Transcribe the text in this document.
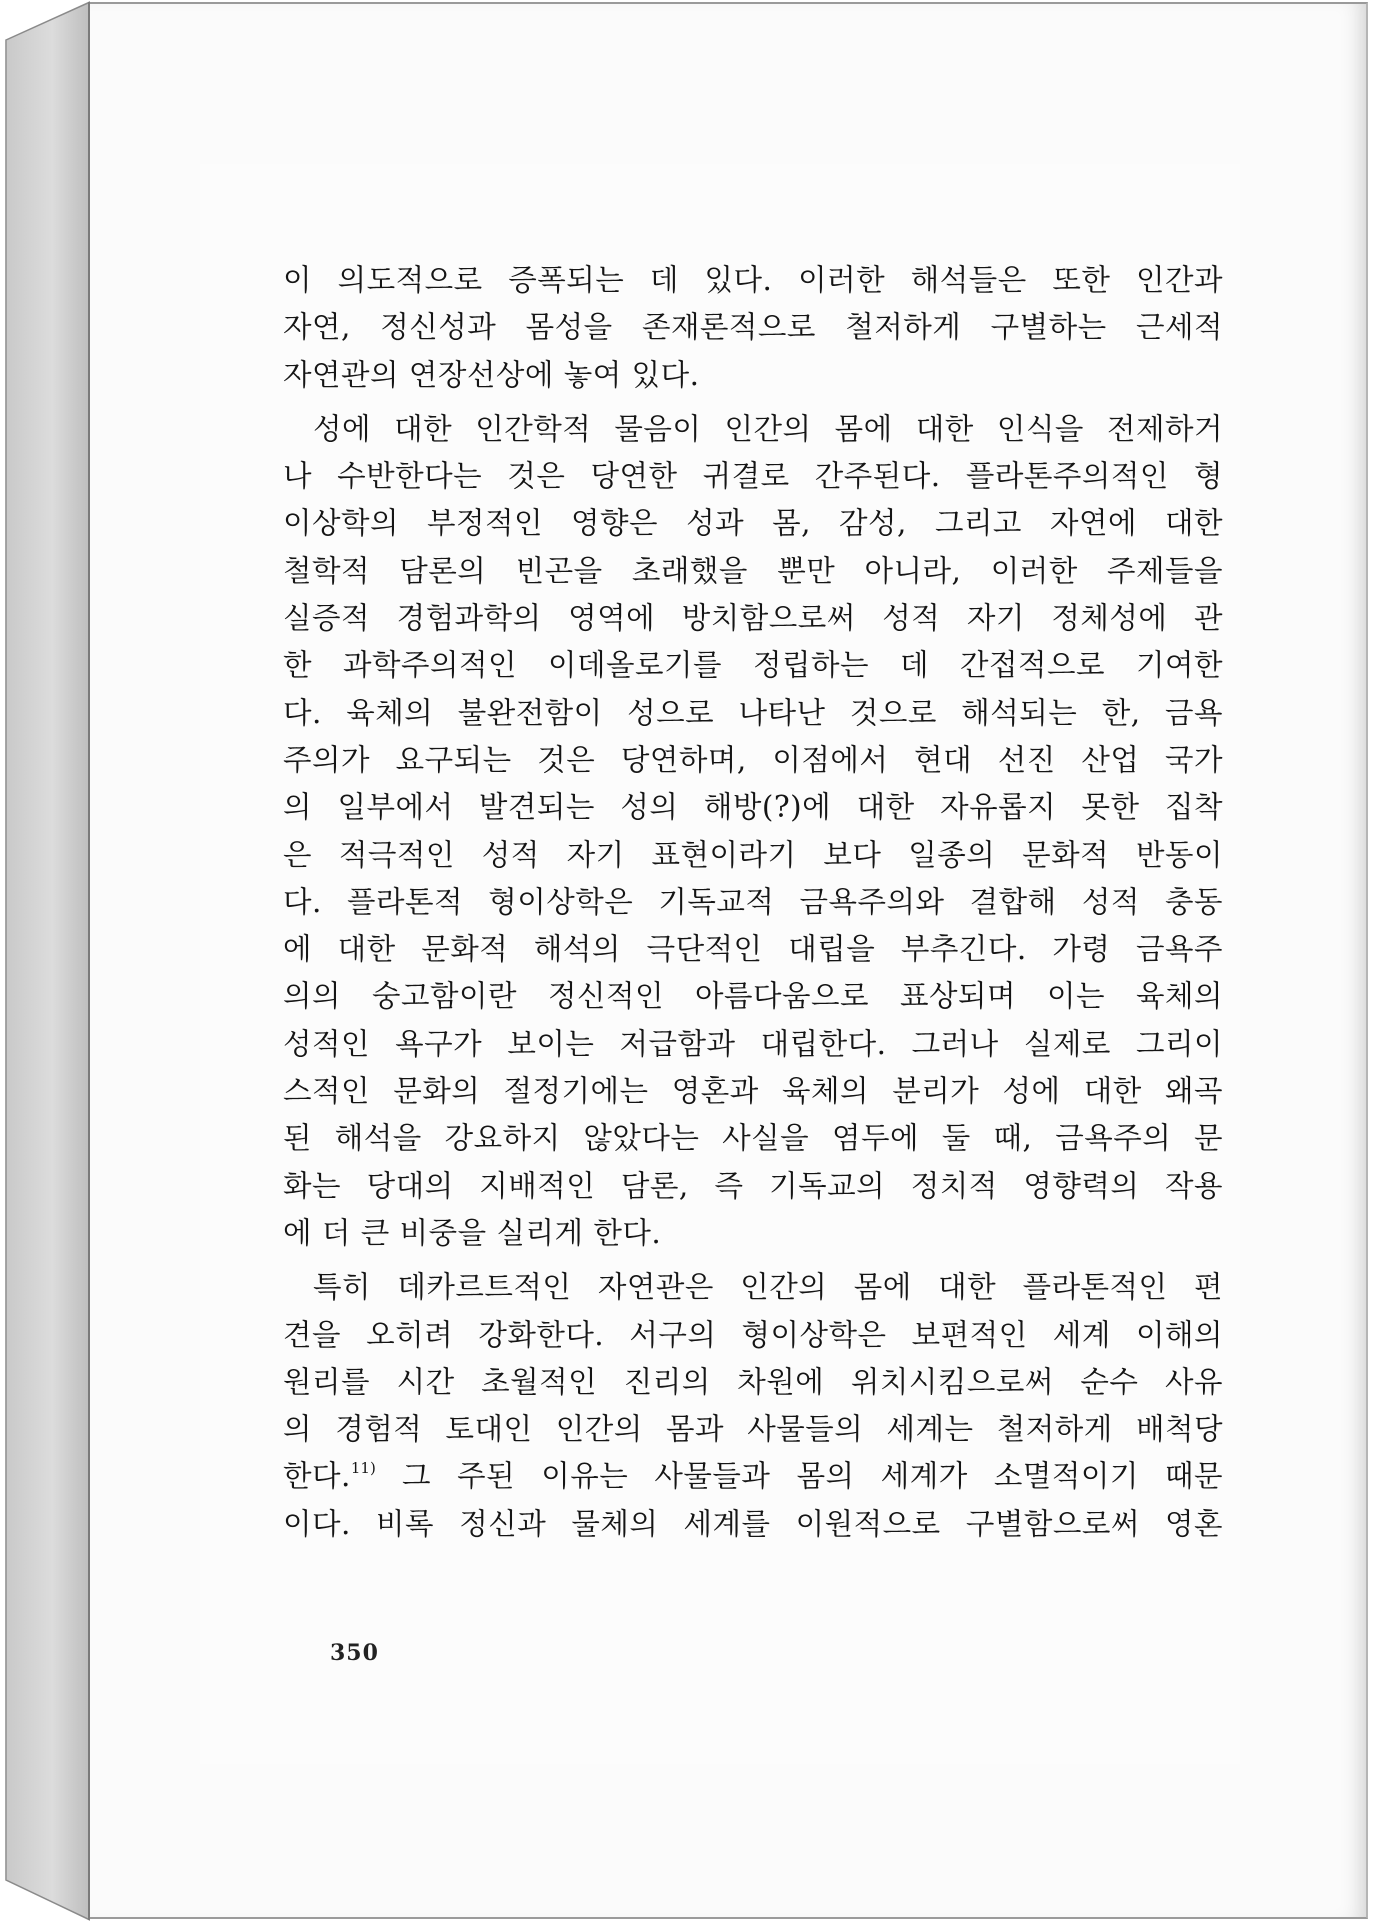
이 의도적으로 증폭되는 데 있다. 이러한 해석들은 또한 인간과
자연, 정신성과 몸성을 존재론적으로 철저하게 구별하는 근세적
자연관의 연장선상에 놓여 있다.
성에 대한 인간학적 물음이 인간의 몸에 대한 인식을 전제하거
나 수반한다는 것은 당연한 귀결로 간주된다. 플라톤주의적인 형
이상학의 부정적인 영향은 성과 몸, 감성, 그리고 자연에 대한
철학적 담론의 빈곤을 초래했을 뿐만 아니라, 이러한 주제들을
실증적 경험과학의 영역에 방치함으로써 성적 자기 정체성에 관
한 과학주의적인 이데올로기를 정립하는 데 간접적으로 기여한
다. 육체의 불완전함이 성으로 나타난 것으로 해석되는 한, 금욕
주의가 요구되는 것은 당연하며, 이점에서 현대 선진 산업 국가
의 일부에서 발견되는 성의 해방(?)에 대한 자유롭지 못한 집착
은 적극적인 성적 자기 표현이라기 보다 일종의 문화적 반동이
다. 플라톤적 형이상학은 기독교적 금욕주의와 결합해 성적 충동
에 대한 문화적 해석의 극단적인 대립을 부추긴다. 가령 금욕주
의의 숭고함이란 정신적인 아름다움으로 표상되며 이는 육체의
성적인 욕구가 보이는 저급함과 대립한다. 그러나 실제로 그리이
스적인 문화의 절정기에는 영혼과 육체의 분리가 성에 대한 왜곡
된 해석을 강요하지 않았다는 사실을 염두에 둘 때, 금욕주의 문
화는 당대의 지배적인 담론, 즉 기독교의 정치적 영향력의 작용
에 더 큰 비중을 실리게 한다.
특히 데카르트적인 자연관은 인간의 몸에 대한 플라톤적인 편
견을 오히려 강화한다. 서구의 형이상학은 보편적인 세계 이해의
원리를 시간 초월적인 진리의 차원에 위치시킴으로써 순수 사유
의 경험적 토대인 인간의 몸과 사물들의 세계는 철저하게 배척당
한다.$^{11)}$ 그 주된 이유는 사물들과 몸의 세계가 소멸적이기 때문
이다. 비록 정신과 물체의 세계를 이원적으로 구별함으로써 영혼
350
